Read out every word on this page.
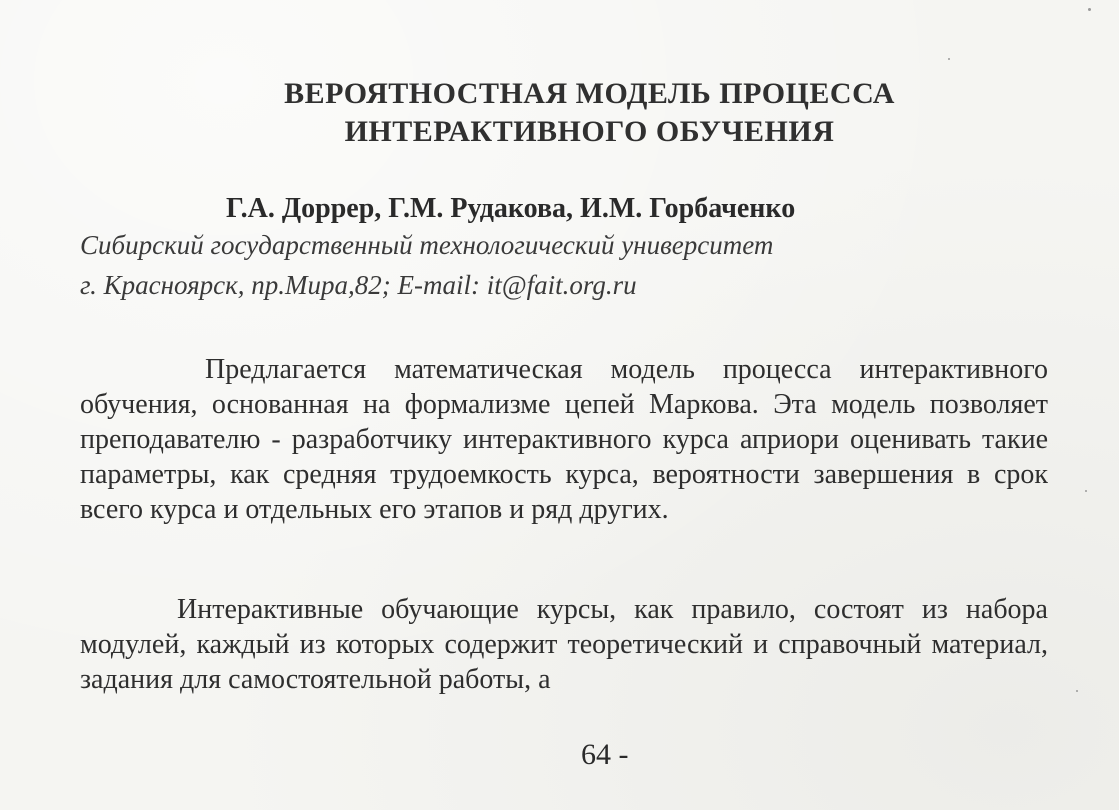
ВЕРОЯТНОСТНАЯ МОДЕЛЬ ПРОЦЕССА
ИНТЕРАКТИВНОГО ОБУЧЕНИЯ

Г.А. Доррер, Г.М. Рудакова, И.М. Горбаченко

Сибирский государственный технологический университет

г. Красноярск, пр.Мира,82; E-mail: it@fait.org.ru

Предлагается математическая модель процесса интерактивного обучения, основанная на формализме цепей Маркова. Эта модель позволяет преподавателю - разработчику интерактивного курса априори оценивать такие параметры, как средняя трудоемкость курса, вероятности завершения в срок всего курса и отдельных его этапов и ряд других.

Интерактивные обучающие курсы, как правило, состоят из набора модулей, каждый из которых содержит теоретический и справочный материал, задания для самостоятельной работы, а

64 -
